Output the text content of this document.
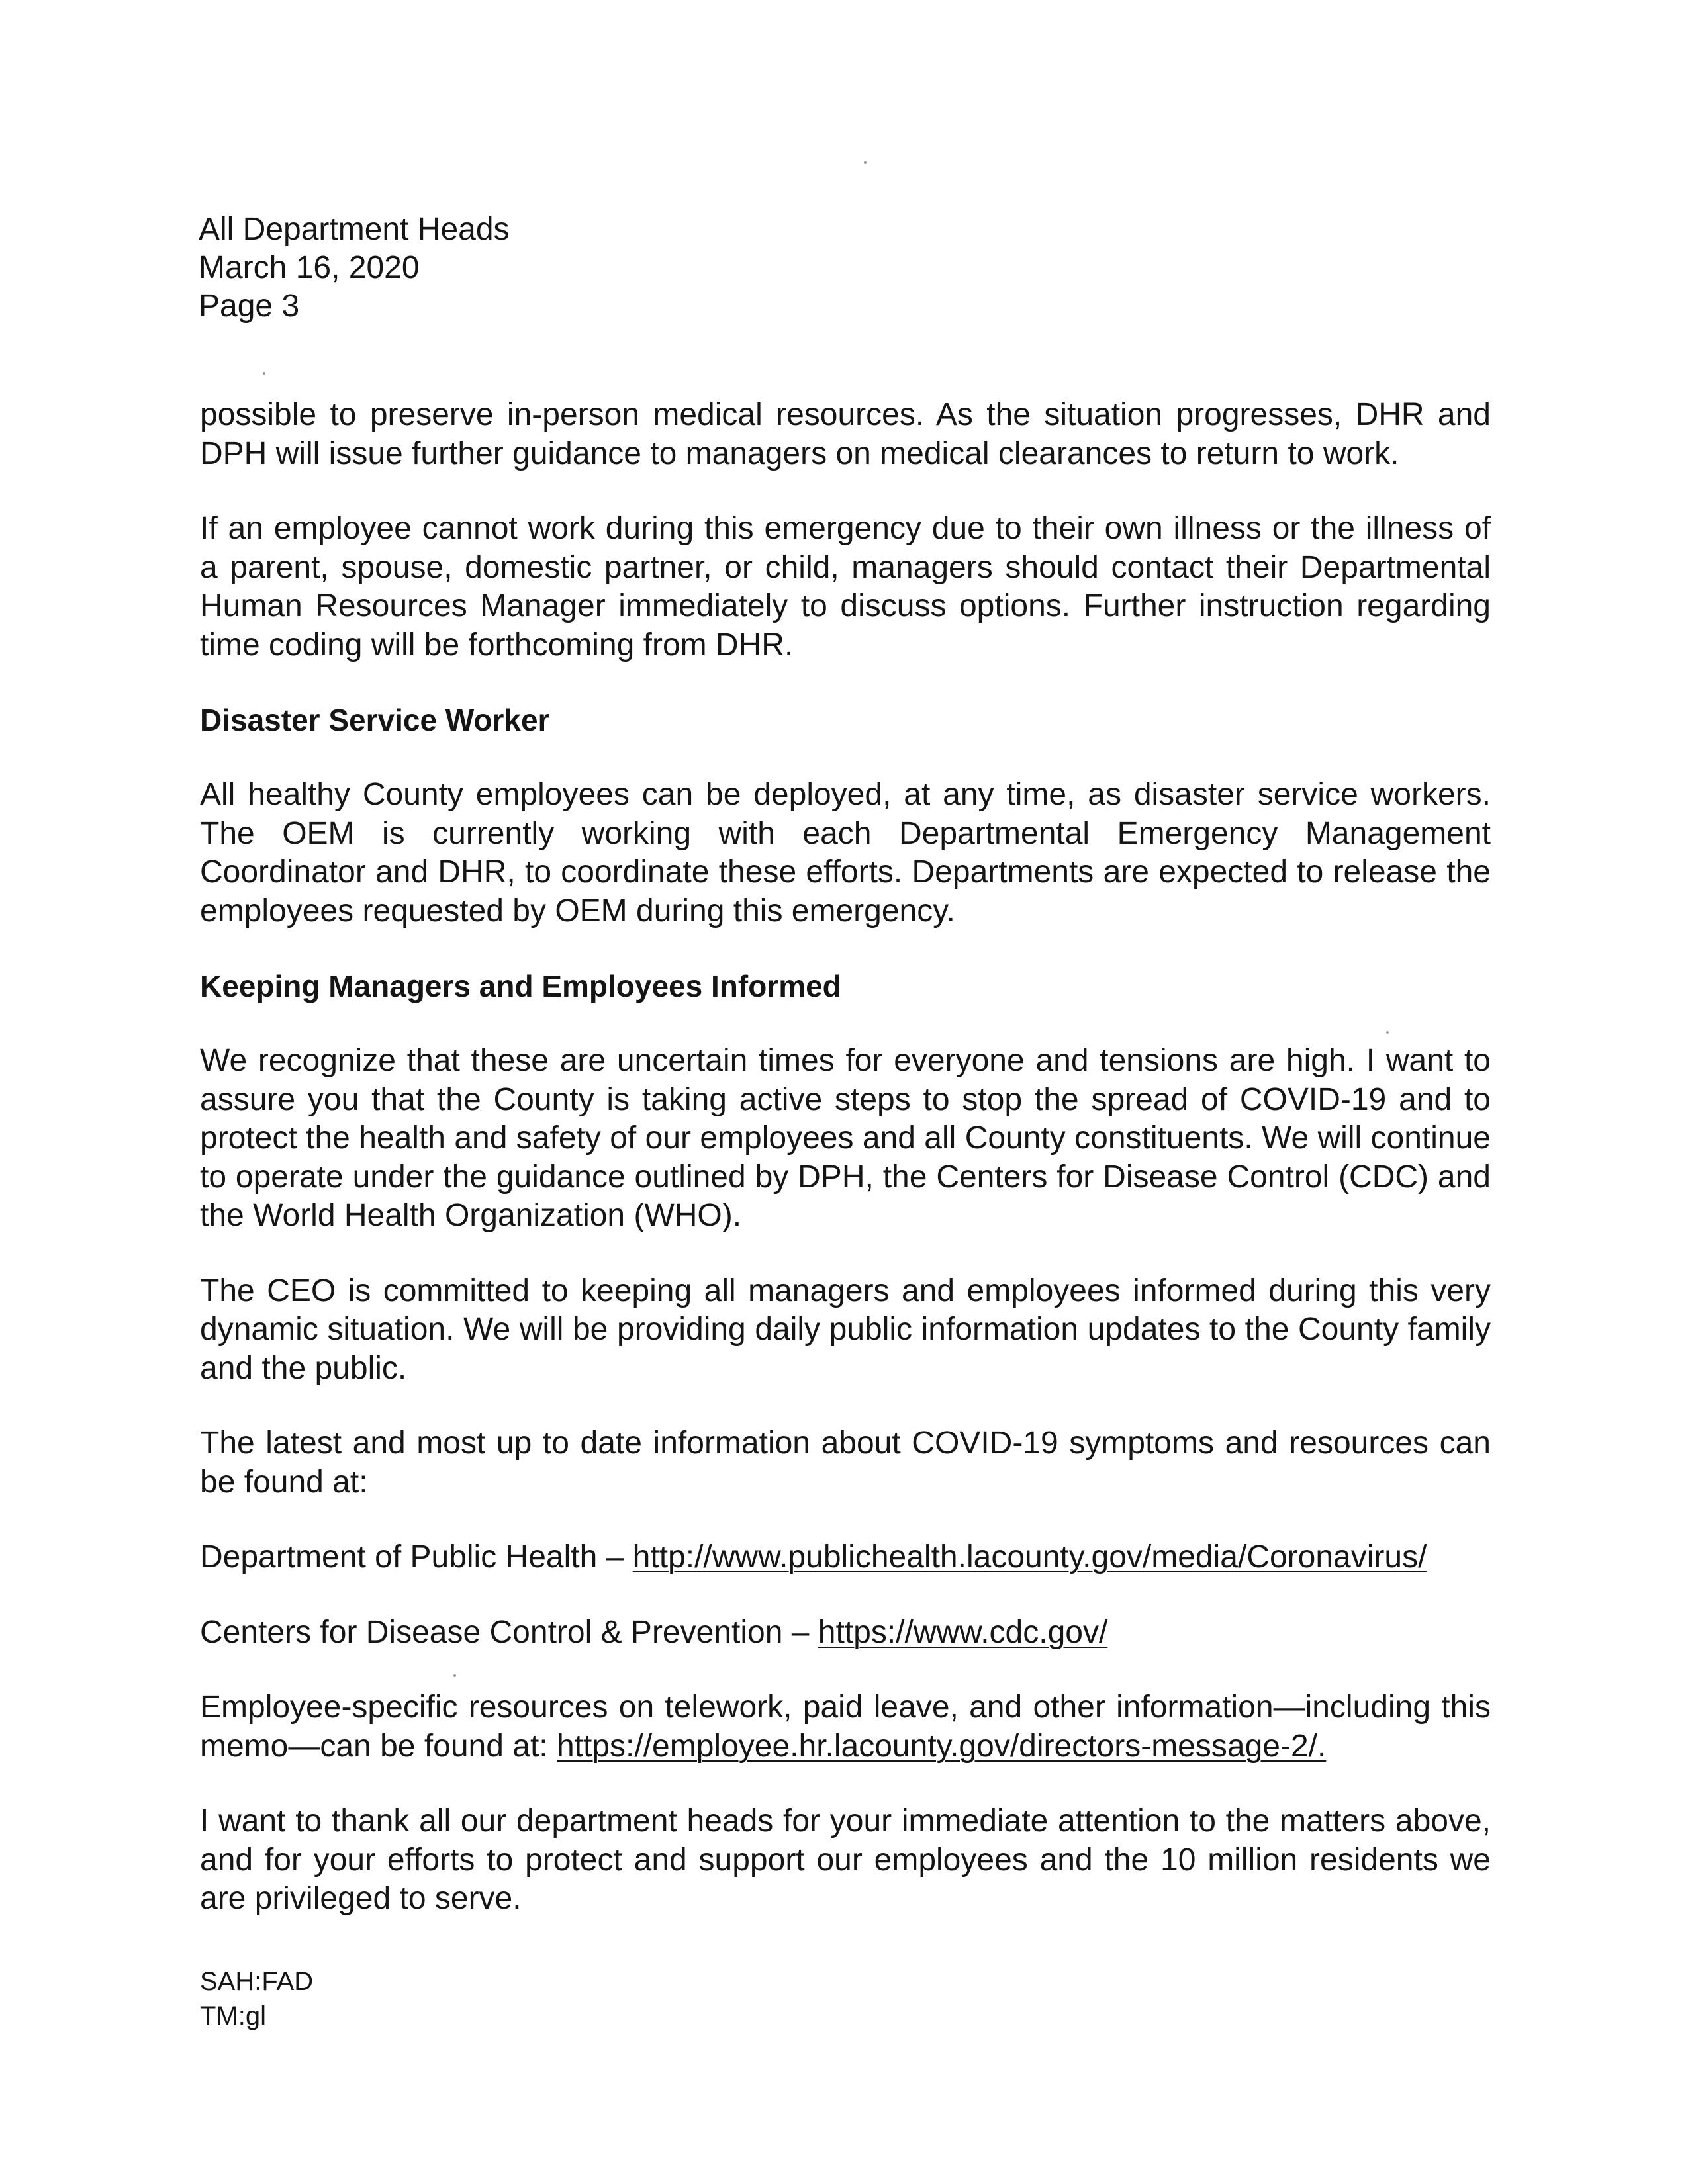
All Department Heads
March 16, 2020
Page 3

possible to preserve in-person medical resources. As the situation progresses, DHR and DPH will issue further guidance to managers on medical clearances to return to work.

If an employee cannot work during this emergency due to their own illness or the illness of a parent, spouse, domestic partner, or child, managers should contact their Departmental Human Resources Manager immediately to discuss options. Further instruction regarding time coding will be forthcoming from DHR.

Disaster Service Worker

All healthy County employees can be deployed, at any time, as disaster service workers. The OEM is currently working with each Departmental Emergency Management Coordinator and DHR, to coordinate these efforts. Departments are expected to release the employees requested by OEM during this emergency.

Keeping Managers and Employees Informed

We recognize that these are uncertain times for everyone and tensions are high. I want to assure you that the County is taking active steps to stop the spread of COVID-19 and to protect the health and safety of our employees and all County constituents. We will continue to operate under the guidance outlined by DPH, the Centers for Disease Control (CDC) and the World Health Organization (WHO).

The CEO is committed to keeping all managers and employees informed during this very dynamic situation. We will be providing daily public information updates to the County family and the public.

The latest and most up to date information about COVID-19 symptoms and resources can be found at:

Department of Public Health – http://www.publichealth.lacounty.gov/media/Coronavirus/
Centers for Disease Control & Prevention – https://www.cdc.gov/

Employee-specific resources on telework, paid leave, and other information—including this memo—can be found at: https://employee.hr.lacounty.gov/directors-message-2/.

I want to thank all our department heads for your immediate attention to the matters above, and for your efforts to protect and support our employees and the 10 million residents we are privileged to serve.

SAH:FAD
TM:gl
